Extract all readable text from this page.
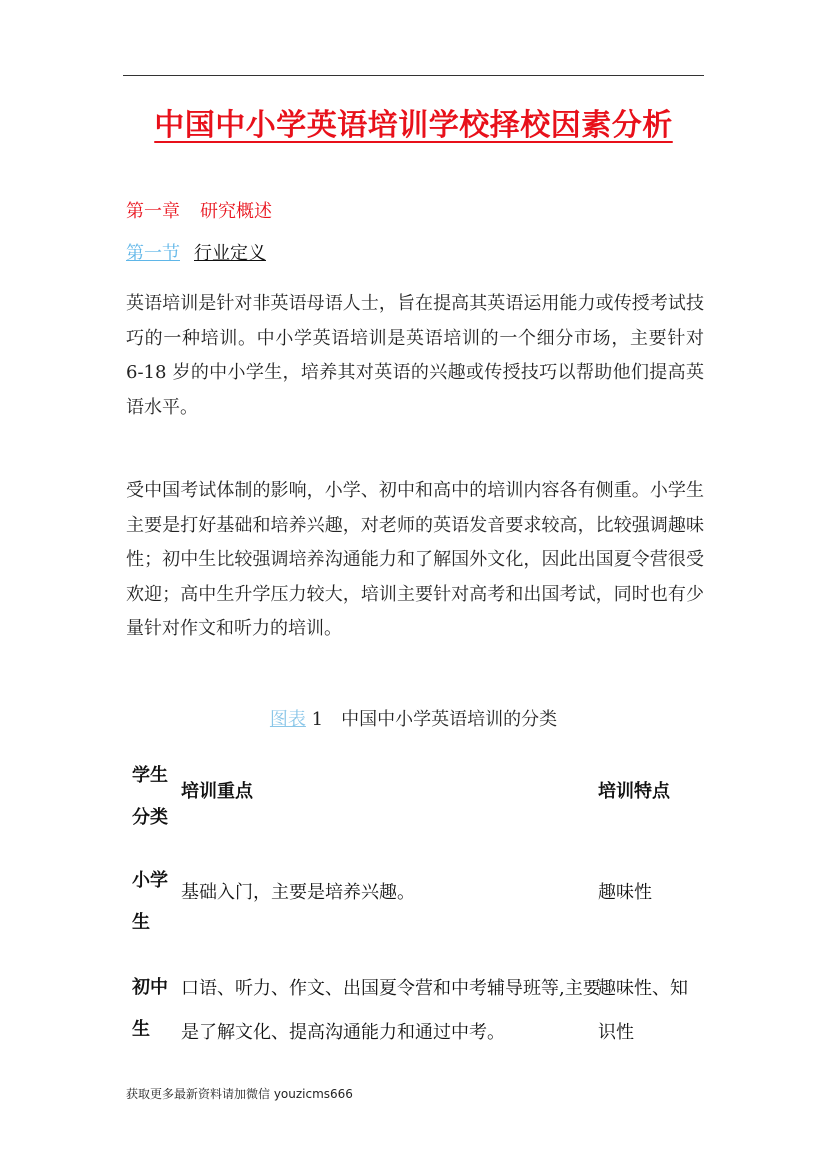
中国中小学英语培训学校择校因素分析
第一章 研究概述
第一节 行业定义
英语培训是针对非英语母语人士，旨在提高其英语运用能力或传授考试技巧的一种培训。中小学英语培训是英语培训的一个细分市场，主要针对 6-18 岁的中小学生，培养其对英语的兴趣或传授技巧以帮助他们提高英语水平。
受中国考试体制的影响，小学、初中和高中的培训内容各有侧重。小学生主要是打好基础和培养兴趣，对老师的英语发音要求较高，比较强调趣味性；初中生比较强调培养沟通能力和了解国外文化，因此出国夏令营很受欢迎；高中生升学压力较大，培训主要针对高考和出国考试，同时也有少量针对作文和听力的培训。
图表 1 中国中小学英语培训的分类
学生分类
培训重点	培训特点
小学生
基础入门，主要是培养兴趣。	趣味性
初中生
口语、听力、作文、出国夏令营和中考辅导班等,主要是了解文化、提高沟通能力和通过中考。
趣味性、知识性
获取更多最新资料请加微信 youzicms666
